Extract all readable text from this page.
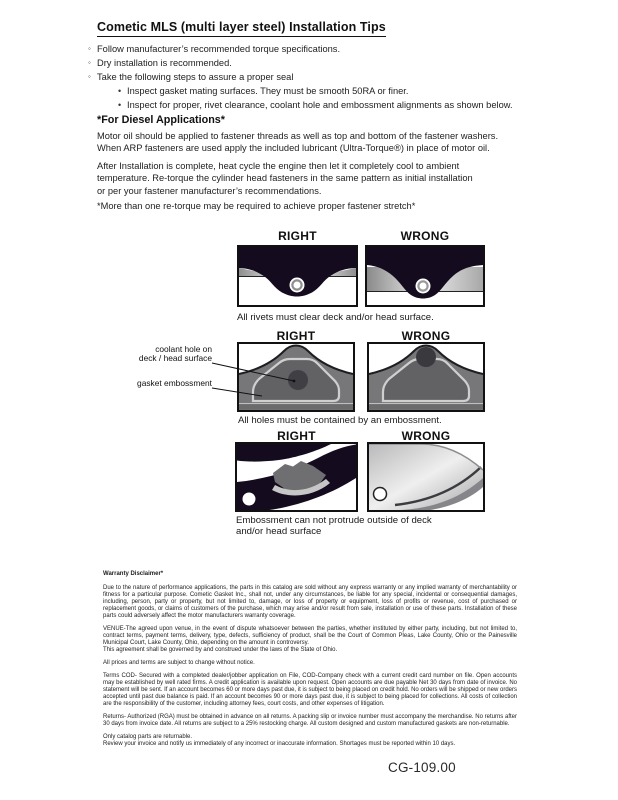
Cometic MLS (multi layer steel) Installation Tips
◦ Follow manufacturer’s recommended torque specifications.
◦ Dry installation is recommended.
◦ Take the following steps to assure a proper seal
• Inspect gasket mating surfaces. They must be smooth 50RA or finer.
• Inspect for proper, rivet clearance, coolant hole and embossment alignments as shown below.
*For Diesel Applications*
Motor oil should be applied to fastener threads as well as top and bottom of the fastener washers.
When ARP fasteners are used apply the included lubricant (Ultra-Torque®) in place of motor oil.
After Installation is complete, heat cycle the engine then let it completely cool to ambient
temperature. Re-torque the cylinder head fasteners in the same pattern as initial installation
or per your fastener manufacturer’s recommendations.
*More than one re-torque may be required to achieve proper fastener stretch*
RIGHT	WRONG
All rivets must clear deck and/or head surface.
RIGHT	WRONG
coolant hole on
deck / head surface
gasket embossment
All holes must be contained by an embossment.
RIGHT	WRONG
Embossment can not protrude outside of deck
and/or head surface
Warranty Disclaimer*
Due to the nature of performance applications, the parts in this catalog are sold without any express warranty or any implied warranty of merchantability or fitness for a particular purpose. Cometic Gasket Inc., shall not, under any circumstances, be liable for any special, incidental or consequential damages, including, person, party or property, but not limited to, damage, or loss of property or equipment, loss of profits or revenue, cost of purchased or replacement goods, or claims of customers of the purchase, which may arise and/or result from sale, installation or use of these parts. Installation of these parts could adversely affect the motor manufacturers warranty coverage.
VENUE-The agreed upon venue, in the event of dispute whatsoever between the parties, whether instituted by either party, including, but not limited to, contract terms, payment terms, delivery, type, defects, sufficiency of product, shall be the Court of Common Pleas, Lake County, Ohio or the Painesville Municipal Court, Lake County, Ohio, depending on the amount in controversy.
This agreement shall be governed by and construed under the laws of the State of Ohio.
All prices and terms are subject to change without notice.
Terms COD- Secured with a completed dealer/jobber application on File, COD-Company check with a current credit card number on file. Open accounts may be established by well rated firms. A credit application is available upon request. Open accounts are due payable Net 30 days from date of invoice. No statement will be sent. If an account becomes 60 or more days past due, it is subject to being placed on credit hold. No orders will be shipped or new orders accepted until past due balance is paid. If an account becomes 90 or more days past due, it is subject to being placed for collections. All costs of collection are the responsibility of the customer, including attorney fees, court costs, and other expenses of litigation.
Returns- Authorized (RGA) must be obtained in advance on all returns. A packing slip or invoice number must accompany the merchandise. No returns after 30 days from invoice date. All returns are subject to a 25% restocking charge. All custom designed and custom manufactured gaskets are non-returnable.
Only catalog parts are returnable.
Review your invoice and notify us immediately of any incorrect or inaccurate information. Shortages must be reported within 10 days.
CG-109.00
